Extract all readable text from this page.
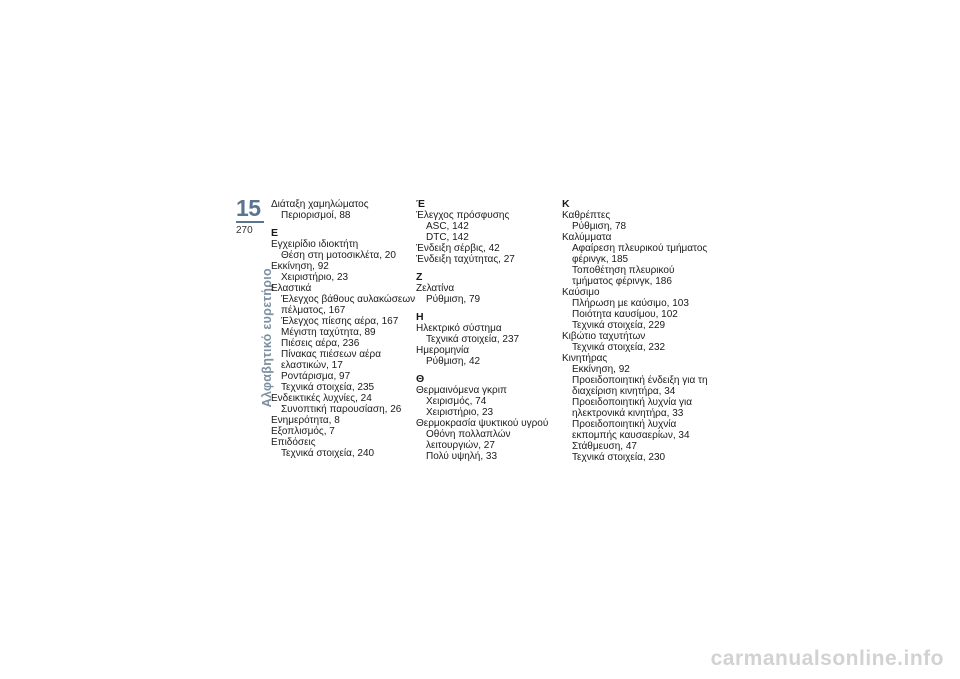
15
270
Αλφαβητικό ευρετήριο
Διάταξη χαμηλώματος
Περιορισμοί, 88
Ε
Εγχειρίδιο ιδιοκτήτη
Θέση στη μοτοσικλέτα, 20
Εκκίνηση, 92
Χειριστήριο, 23
Ελαστικά
Έλεγχος βάθους αυλακώσεων
πέλματος, 167
Έλεγχος πίεσης αέρα, 167
Μέγιστη ταχύτητα, 89
Πιέσεις αέρα, 236
Πίνακας πιέσεων αέρα
ελαστικών, 17
Ροντάρισμα, 97
Τεχνικά στοιχεία, 235
Ενδεικτικές λυχνίες, 24
Συνοπτική παρουσίαση, 26
Ενημερότητα, 8
Εξοπλισμός, 7
Επιδόσεις
Τεχνικά στοιχεία, 240
Έ
Έλεγχος πρόσφυσης
ASC, 142
DTC, 142
Ένδειξη σέρβις, 42
Ένδειξη ταχύτητας, 27
Ζ
Ζελατίνα
Ρύθμιση, 79
Η
Ηλεκτρικό σύστημα
Τεχνικά στοιχεία, 237
Ημερομηνία
Ρύθμιση, 42
Θ
Θερμαινόμενα γκριπ
Χειρισμός, 74
Χειριστήριο, 23
Θερμοκρασία ψυκτικού υγρού
Οθόνη πολλαπλών
λειτουργιών, 27
Πολύ υψηλή, 33
Κ
Καθρέπτες
Ρύθμιση, 78
Καλύμματα
Αφαίρεση πλευρικού τμήματος
φέρινγκ, 185
Τοποθέτηση πλευρικού
τμήματος φέρινγκ, 186
Καύσιμο
Πλήρωση με καύσιμο, 103
Ποιότητα καυσίμου, 102
Τεχνικά στοιχεία, 229
Κιβώτιο ταχυτήτων
Τεχνικά στοιχεία, 232
Κινητήρας
Εκκίνηση, 92
Προειδοποιητική ένδειξη για τη
διαχείριση κινητήρα, 34
Προειδοποιητική λυχνία για
ηλεκτρονικά κινητήρα, 33
Προειδοποιητική λυχνία
εκπομπής καυσαερίων, 34
Στάθμευση, 47
Τεχνικά στοιχεία, 230
carmanualsonline.info
